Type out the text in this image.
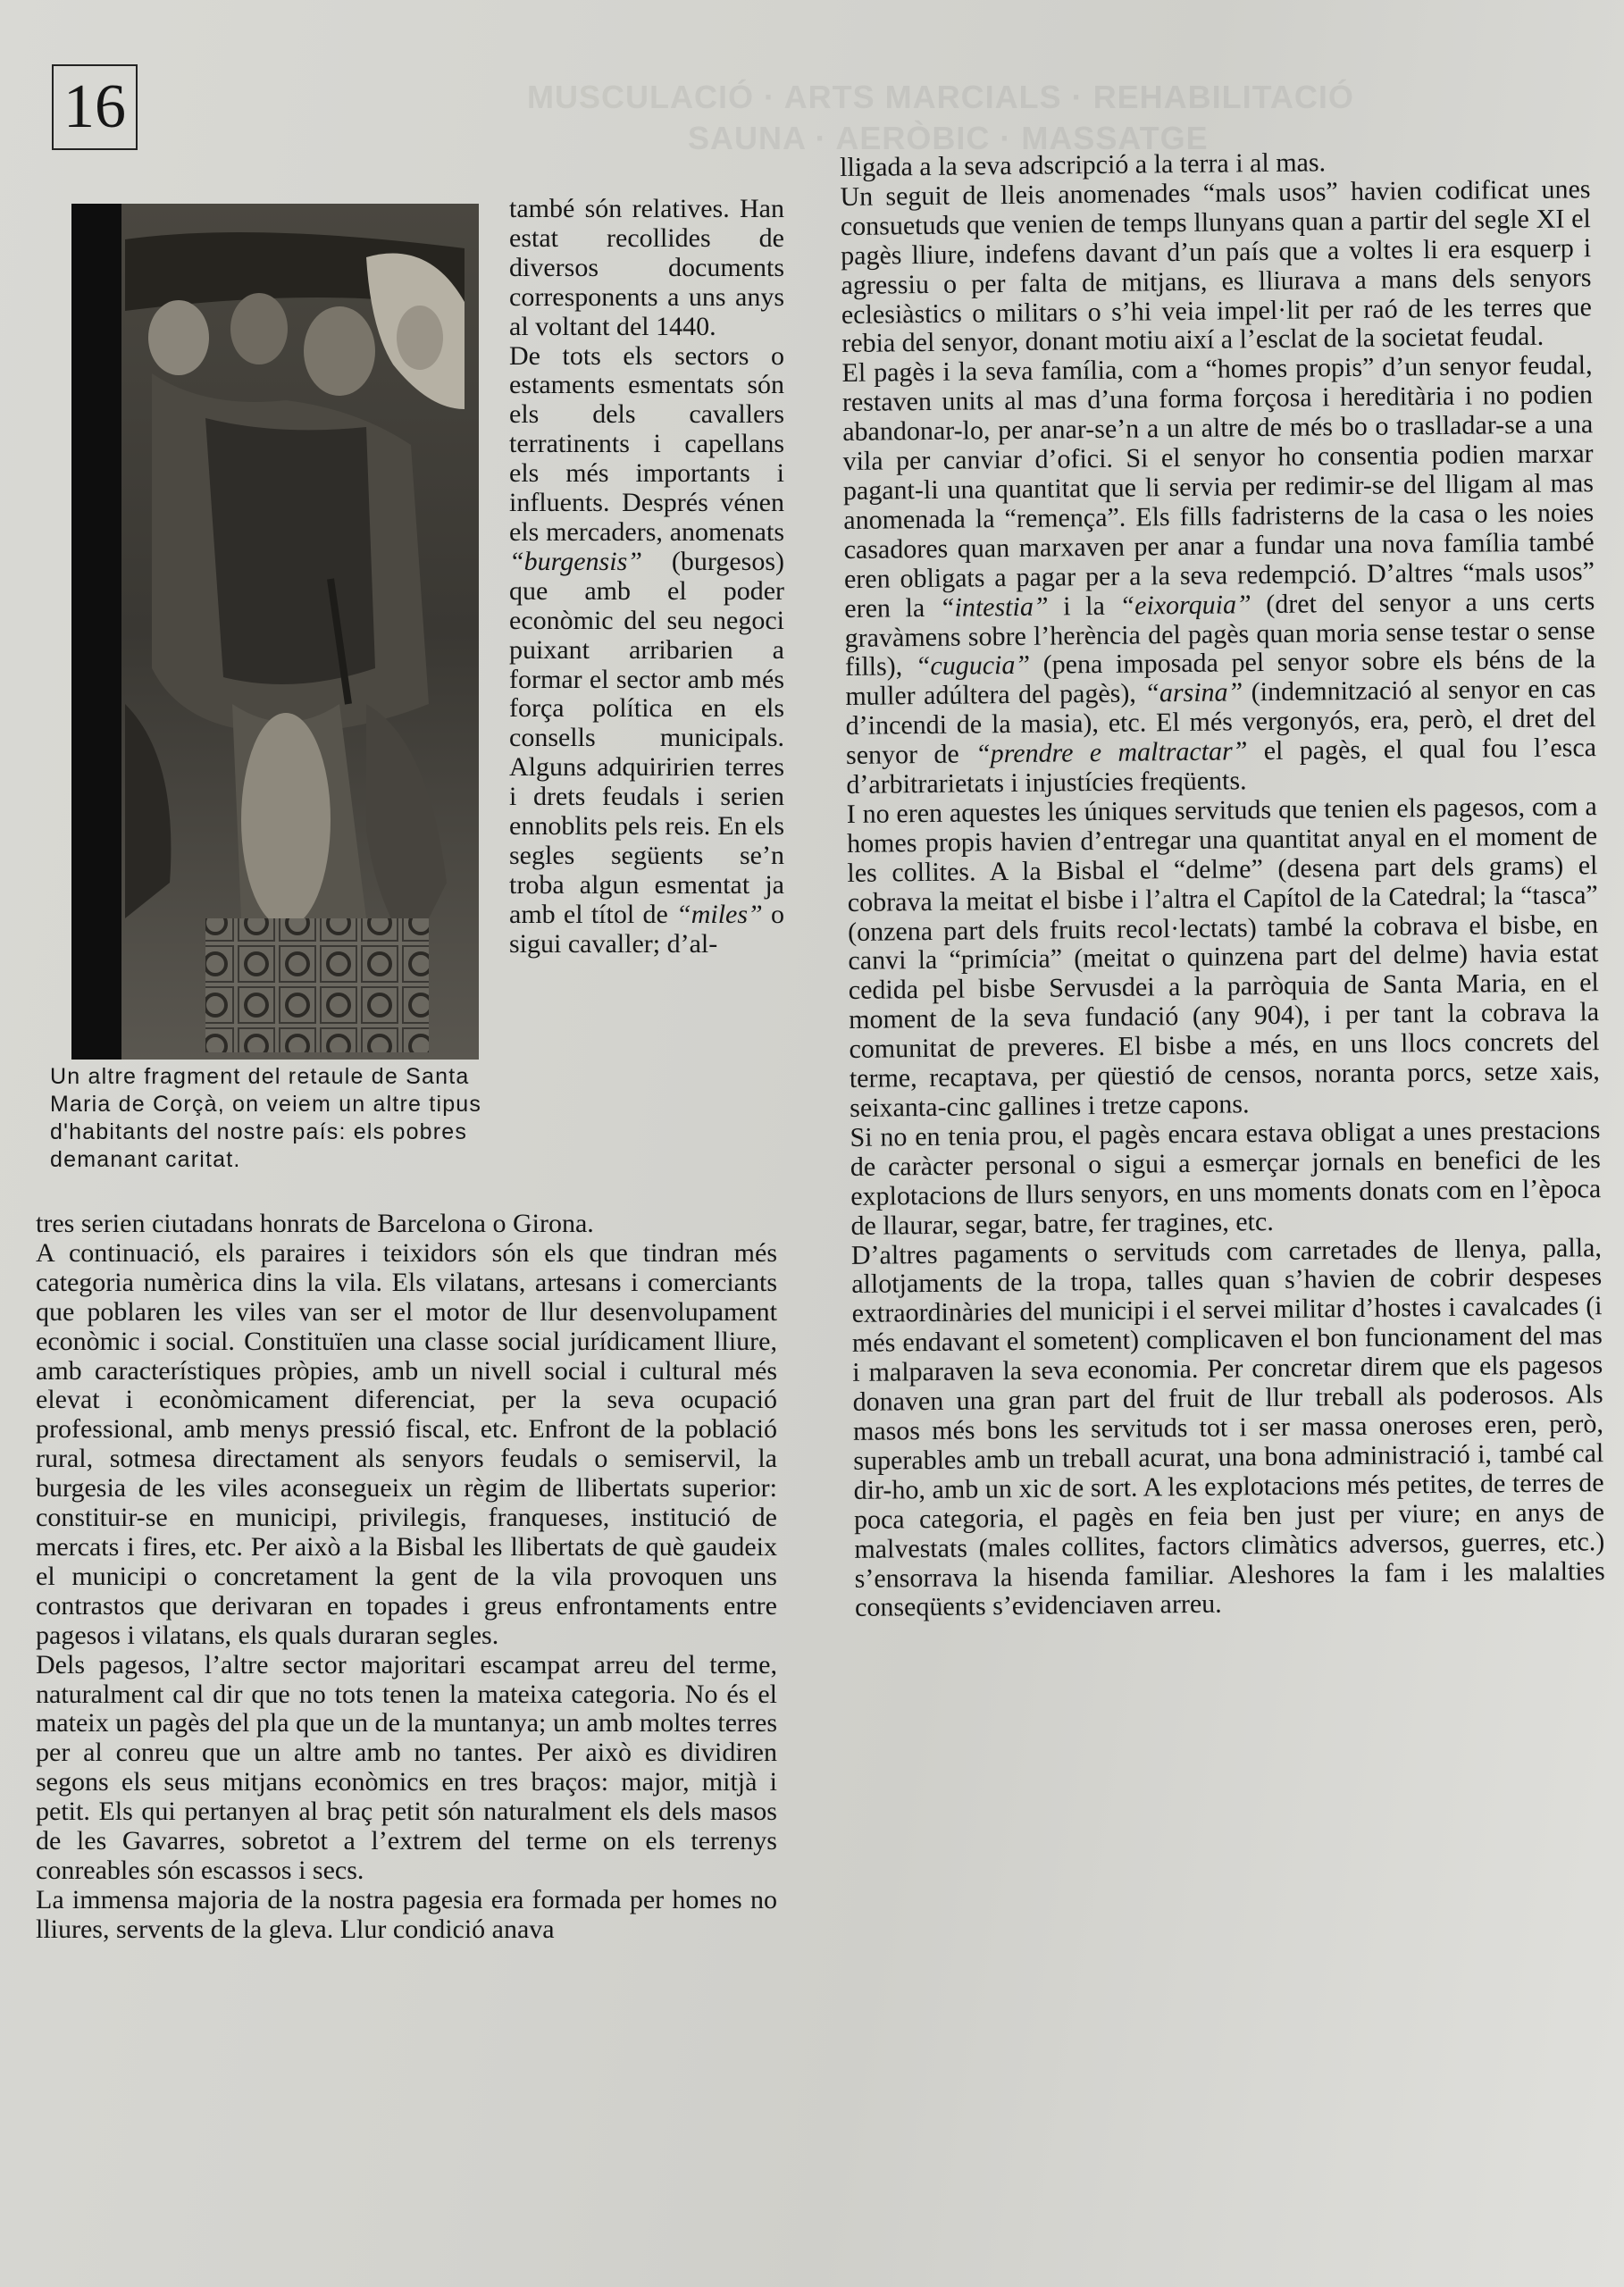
MUSCULACIÓ · ARTS MARCIALS · REHABILITACIÓ
SAUNA · AERÒBIC · MASSATGE
16
Un altre fragment del retaule de Santa Maria de Corçà, on veiem un altre tipus d'habitants del nostre país: els pobres demanant caritat.

també són relatives. Han estat recollides de diversos documents corresponents a uns anys al voltant del 1440.

De tots els sectors o estaments esmentats són els dels cavallers terratinents i capellans els més importants i influents. Després vénen els mercaders, anomenats “burgensis” (burgesos) que amb el poder econòmic del seu negoci puixant arribarien a formar el sector amb més força política en els consells municipals. Alguns adquiririen terres i drets feudals i serien ennoblits pels reis. En els segles següents se’n troba algun esmentat ja amb el títol de “miles” o sigui cavaller; d’al-

tres serien ciutadans honrats de Barcelona o Girona.

A continuació, els paraires i teixidors són els que tindran més categoria numèrica dins la vila. Els vilatans, artesans i comerciants que poblaren les viles van ser el motor de llur desenvolupament econòmic i social. Constituïen una classe social jurídicament lliure, amb característiques pròpies, amb un nivell social i cultural més elevat i econòmicament diferenciat, per la seva ocupació professional, amb menys pressió fiscal, etc. Enfront de la població rural, sotmesa directament als senyors feudals o semiservil, la burgesia de les viles aconsegueix un règim de llibertats superior: constituir-se en municipi, privilegis, franqueses, institució de mercats i fires, etc. Per això a la Bisbal les llibertats de què gaudeix el municipi o concretament la gent de la vila provoquen uns contrastos que derivaran en topades i greus enfrontaments entre pagesos i vilatans, els quals duraran segles.

Dels pagesos, l’altre sector majoritari escampat arreu del terme, naturalment cal dir que no tots tenen la mateixa categoria. No és el mateix un pagès del pla que un de la muntanya; un amb moltes terres per al conreu que un altre amb no tantes. Per això es dividiren segons els seus mitjans econòmics en tres braços: major, mitjà i petit. Els qui pertanyen al braç petit són naturalment els dels masos de les Gavarres, sobretot a l’extrem del terme on els terrenys conreables són escassos i secs.

La immensa majoria de la nostra pagesia era formada per homes no lliures, servents de la gleva. Llur condició anava

lligada a la seva adscripció a la terra i al mas.

Un seguit de lleis anomenades “mals usos” havien codificat unes consuetuds que venien de temps llunyans quan a partir del segle XI el pagès lliure, indefens davant d’un país que a voltes li era esquerp i agressiu o per falta de mitjans, es lliurava a mans dels senyors eclesiàstics o militars o s’hi veia impel·lit per raó de les terres que rebia del senyor, donant motiu així a l’esclat de la societat feudal.

El pagès i la seva família, com a “homes propis” d’un senyor feudal, restaven units al mas d’una forma forçosa i hereditària i no podien abandonar-lo, per anar-se’n a un altre de més bo o traslladar-se a una vila per canviar d’ofici. Si el senyor ho consentia podien marxar pagant-li una quantitat que li servia per redimir-se del lligam al mas anomenada la “remença”. Els fills fadristerns de la casa o les noies casadores quan marxaven per anar a fundar una nova família també eren obligats a pagar per a la seva redempció. D’altres “mals usos” eren la “intestia” i la “eixorquia” (dret del senyor a uns certs gravàmens sobre l’herència del pagès quan moria sense testar o sense fills), “cugucia” (pena imposada pel senyor sobre els béns de la muller adúltera del pagès), “arsina” (indemnització al senyor en cas d’incendi de la masia), etc. El més vergonyós, era, però, el dret del senyor de “prendre e maltractar” el pagès, el qual fou l’esca d’arbitrarietats i injustícies freqüents.

I no eren aquestes les úniques servituds que tenien els pagesos, com a homes propis havien d’entregar una quantitat anyal en el moment de les collites. A la Bisbal el “delme” (desena part dels grams) el cobrava la meitat el bisbe i l’altra el Capítol de la Catedral; la “tasca” (onzena part dels fruits recol·lectats) també la cobrava el bisbe, en canvi la “primícia” (meitat o quinzena part del delme) havia estat cedida pel bisbe Servusdei a la parròquia de Santa Maria, en el moment de la seva fundació (any 904), i per tant la cobrava la comunitat de preveres. El bisbe a més, en uns llocs concrets del terme, recaptava, per qüestió de censos, noranta porcs, setze xais, seixanta-cinc gallines i tretze capons.

Si no en tenia prou, el pagès encara estava obligat a unes prestacions de caràcter personal o sigui a esmerçar jornals en benefici de les explotacions de llurs senyors, en uns moments donats com en l’època de llaurar, segar, batre, fer tragines, etc.

D’altres pagaments o servituds com carretades de llenya, palla, allotjaments de la tropa, talles quan s’havien de cobrir despeses extraordinàries del municipi i el servei militar d’hostes i cavalcades (i més endavant el sometent) complicaven el bon funcionament del mas i malparaven la seva economia. Per concretar direm que els pagesos donaven una gran part del fruit de llur treball als poderosos. Als masos més bons les servituds tot i ser massa oneroses eren, però, superables amb un treball acurat, una bona administració i, també cal dir-ho, amb un xic de sort. A les explotacions més petites, de terres de poca categoria, el pagès en feia ben just per viure; en anys de malvestats (males collites, factors climàtics adversos, guerres, etc.) s’ensorrava la hisenda familiar. Aleshores la fam i les malalties conseqüents s’evidenciaven arreu.
